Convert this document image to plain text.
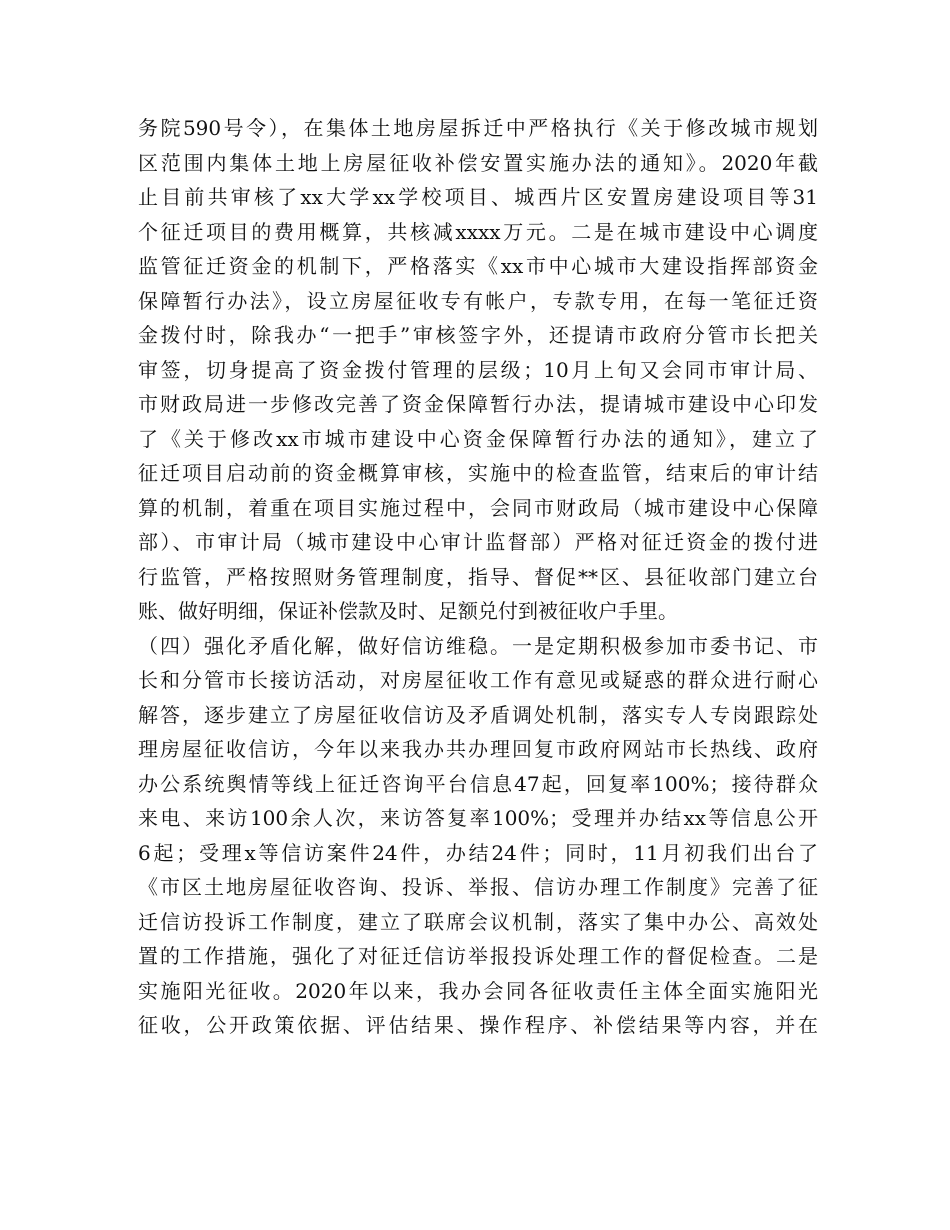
务院590号令），在集体土地房屋拆迁中严格执行《关于修改城市规划
区范围内集体土地上房屋征收补偿安置实施办法的通知》。2020年截
止目前共审核了xx大学xx学校项目、城西片区安置房建设项目等31
个征迁项目的费用概算，共核减xxxx万元。二是在城市建设中心调度
监管征迁资金的机制下，严格落实《xx市中心城市大建设指挥部资金
保障暂行办法》，设立房屋征收专有帐户，专款专用，在每一笔征迁资
金拨付时，除我办“一把手”审核签字外，还提请市政府分管市长把关
审签，切身提高了资金拨付管理的层级；10月上旬又会同市审计局、
市财政局进一步修改完善了资金保障暂行办法，提请城市建设中心印发
了《关于修改xx市城市建设中心资金保障暂行办法的通知》，建立了
征迁项目启动前的资金概算审核，实施中的检查监管，结束后的审计结
算的机制，着重在项目实施过程中，会同市财政局（城市建设中心保障
部）、市审计局（城市建设中心审计监督部）严格对征迁资金的拨付进
行监管，严格按照财务管理制度，指导、督促**区、县征收部门建立台
账、做好明细，保证补偿款及时、足额兑付到被征收户手里。
（四）强化矛盾化解，做好信访维稳。一是定期积极参加市委书记、市
长和分管市长接访活动，对房屋征收工作有意见或疑惑的群众进行耐心
解答，逐步建立了房屋征收信访及矛盾调处机制，落实专人专岗跟踪处
理房屋征收信访，今年以来我办共办理回复市政府网站市长热线、政府
办公系统舆情等线上征迁咨询平台信息47起，回复率100%；接待群众
来电、来访100余人次，来访答复率100%；受理并办结xx等信息公开
6起；受理x等信访案件24件，办结24件；同时，11月初我们出台了
《市区土地房屋征收咨询、投诉、举报、信访办理工作制度》完善了征
迁信访投诉工作制度，建立了联席会议机制，落实了集中办公、高效处
置的工作措施，强化了对征迁信访举报投诉处理工作的督促检查。二是
实施阳光征收。2020年以来，我办会同各征收责任主体全面实施阳光
征收，公开政策依据、评估结果、操作程序、补偿结果等内容，并在
